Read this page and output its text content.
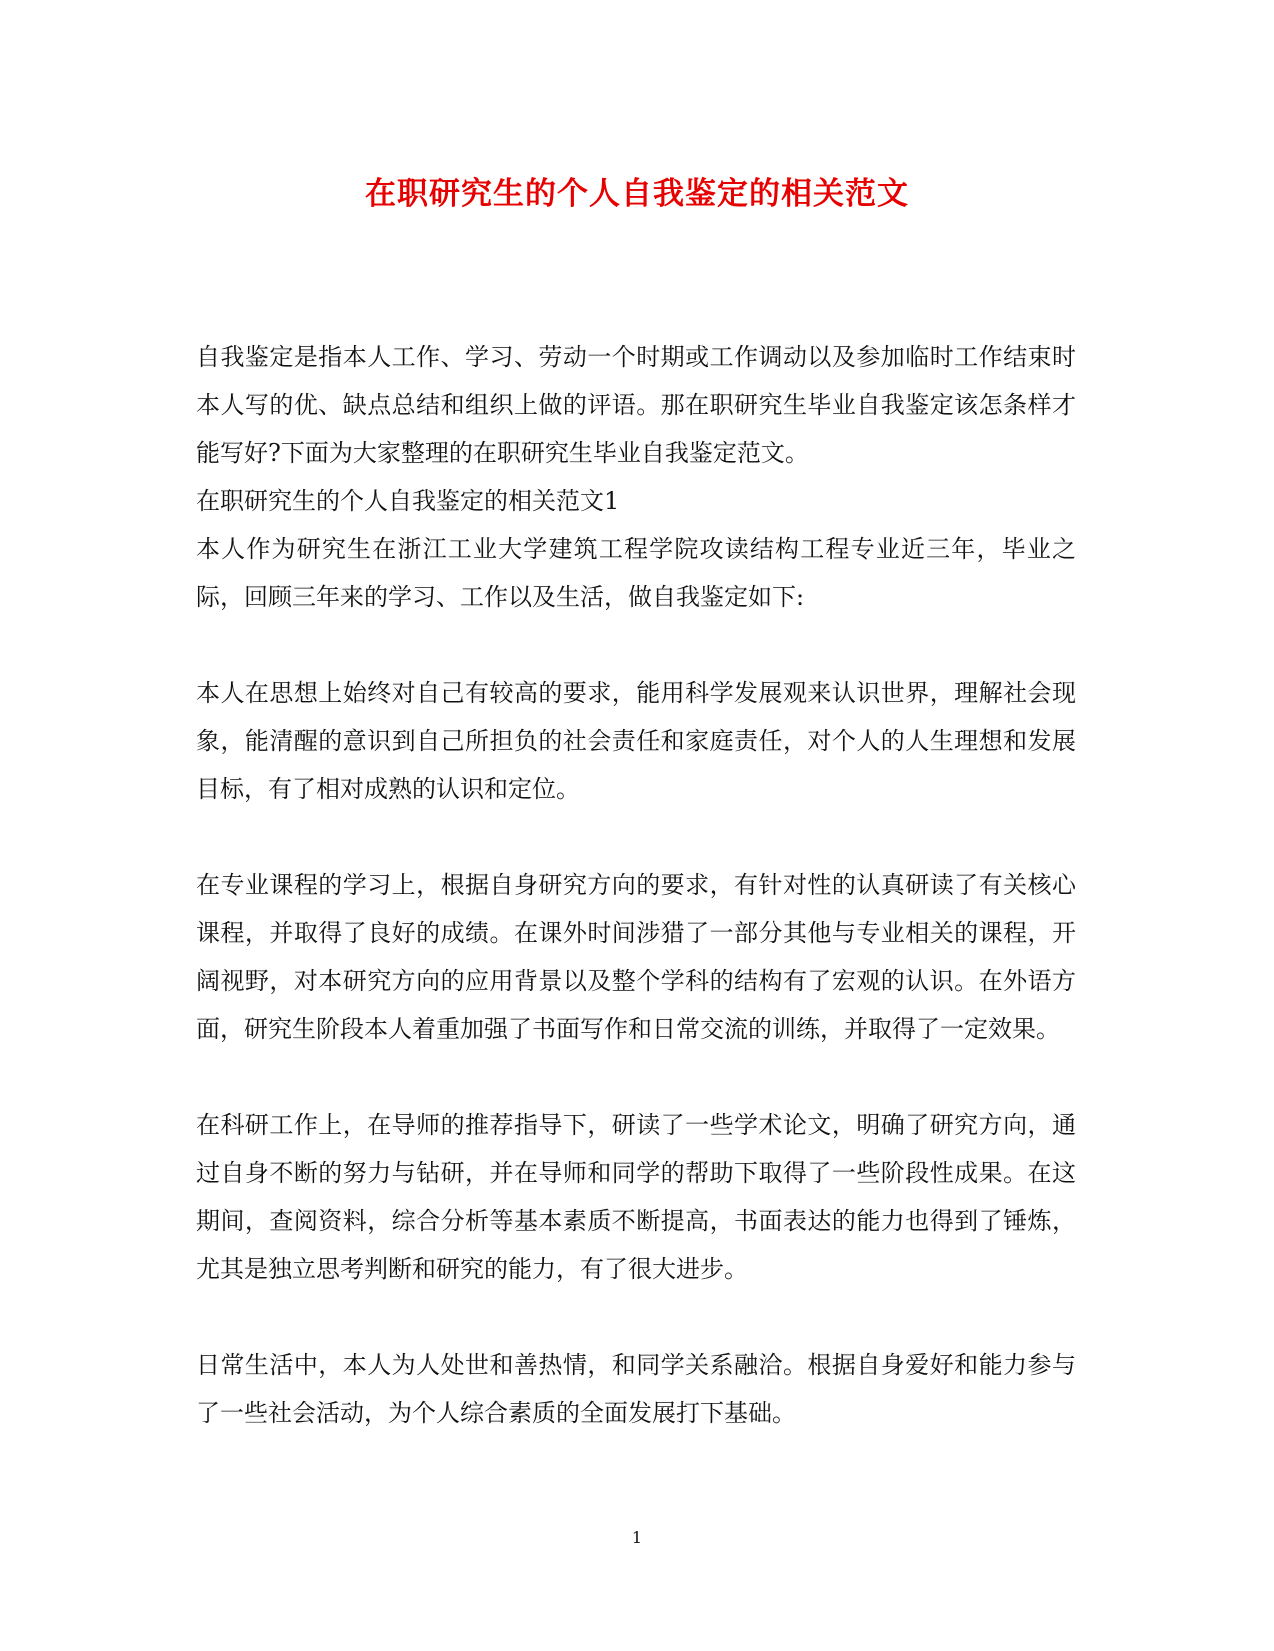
在职研究生的个人自我鉴定的相关范文

自我鉴定是指本人工作、学习、劳动一个时期或工作调动以及参加临时工作结束时本人写的优、缺点总结和组织上做的评语。那在职研究生毕业自我鉴定该怎条样才能写好?下面为大家整理的在职研究生毕业自我鉴定范文。

在职研究生的个人自我鉴定的相关范文1

本人作为研究生在浙江工业大学建筑工程学院攻读结构工程专业近三年，毕业之际，回顾三年来的学习、工作以及生活，做自我鉴定如下:

本人在思想上始终对自己有较高的要求，能用科学发展观来认识世界，理解社会现象，能清醒的意识到自己所担负的社会责任和家庭责任，对个人的人生理想和发展目标，有了相对成熟的认识和定位。

在专业课程的学习上，根据自身研究方向的要求，有针对性的认真研读了有关核心课程，并取得了良好的成绩。在课外时间涉猎了一部分其他与专业相关的课程，开阔视野，对本研究方向的应用背景以及整个学科的结构有了宏观的认识。在外语方面，研究生阶段本人着重加强了书面写作和日常交流的训练，并取得了一定效果。

在科研工作上，在导师的推荐指导下，研读了一些学术论文，明确了研究方向，通过自身不断的努力与钻研，并在导师和同学的帮助下取得了一些阶段性成果。在这期间，查阅资料，综合分析等基本素质不断提高，书面表达的能力也得到了锤炼，尤其是独立思考判断和研究的能力，有了很大进步。

日常生活中，本人为人处世和善热情，和同学关系融洽。根据自身爱好和能力参与了一些社会活动，为个人综合素质的全面发展打下基础。

1
